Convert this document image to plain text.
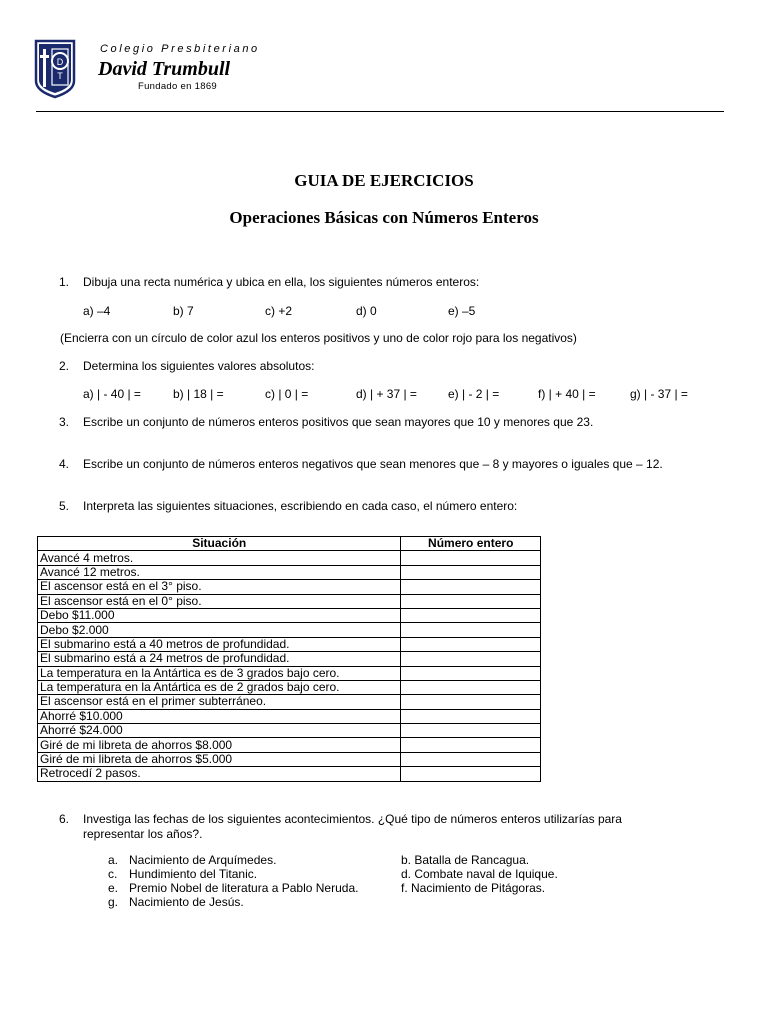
D
T
Colegio Presbiteriano
David Trumbull
Fundado en 1869
GUIA DE EJERCICIOS
Operaciones Básicas con Números Enteros
1. Dibuja una recta numérica y ubica en ella, los siguientes números enteros:
a) –4	b) 7	c) +2	d) 0	e) –5
(Encierra con un círculo de color azul los enteros positivos y uno de color rojo para los negativos)
2. Determina los siguientes valores absolutos:
a) | - 40 | =	b) | 18 | =	c) | 0 | =	d) | + 37 | =	e) | - 2 | =	f) | + 40 | =	g) | - 37 | =
3. Escribe un conjunto de números enteros positivos que sean mayores que 10 y menores que 23.
4. Escribe un conjunto de números enteros negativos que sean menores que – 8 y mayores o iguales que – 12.
5. Interpreta las siguientes situaciones, escribiendo en cada caso, el número entero:
Situación	Número entero
Avancé 4 metros.	
Avancé 12 metros.	
El ascensor está en el 3° piso.	
El ascensor está en el 0° piso.	
Debo $11.000	
Debo $2.000	
El submarino está a 40 metros de profundidad.	
El submarino está a 24 metros de profundidad.	
La temperatura en la Antártica es de 3 grados bajo cero.	
La temperatura en la Antártica es de 2 grados bajo cero.	
El ascensor está en el primer subterráneo.	
Ahorré $10.000	
Ahorré $24.000	
Giré de mi libreta de ahorros $8.000	
Giré de mi libreta de ahorros $5.000	
Retrocedí 2 pasos.	
6. Investiga las fechas de los siguientes acontecimientos. ¿Qué tipo de números enteros utilizarías para
representar los años?.
a. Nacimiento de Arquímedes.
c. Hundimiento del Titanic.
e. Premio Nobel de literatura a Pablo Neruda.
g. Nacimiento de Jesús.
b. Batalla de Rancagua.
d. Combate naval de Iquique.
f. Nacimiento de Pitágoras.
